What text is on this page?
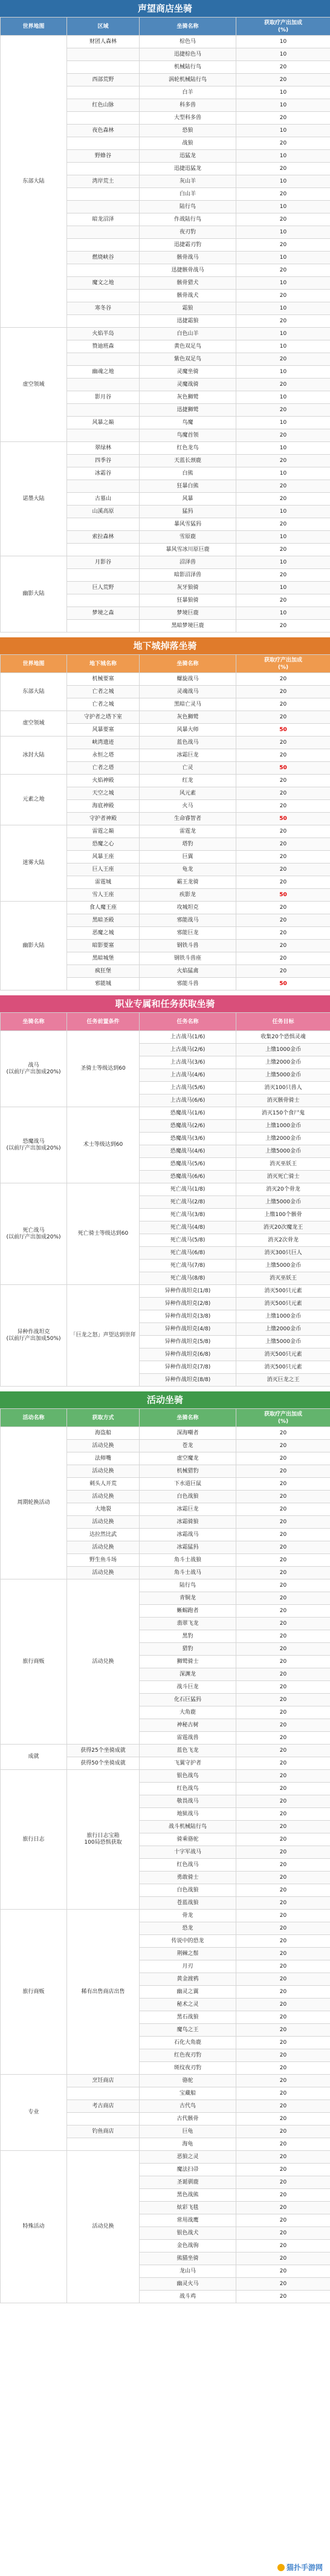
声望商店坐骑
世界地图	区域	坐骑名称	获取疗产出加成
(%)
东部大陆	财团人森林	棕色马	10
		迅捷棕色马	10
		机械陆行鸟	20
	西部荒野	涡轮机械陆行鸟	20
		白羊	10
	红色山脉	科多兽	10
		大型科多兽	20
	夜色森林	恐狼	10
		战狼	20
	野蜂谷	迅猛龙	10
		迅捷迅猛龙	20
	湾岸荒土	灰山羊	10
		白山羊	20
		陆行鸟	10
	暗龙沼泽	作战陆行鸟	20
		夜刃豹	10
		迅捷霜刃豹	20
	燃烧峡谷	骸骨战马	10
		迅捷骸骨战马	20
	魔文之地	骸骨猎犬	10
		骸骨战犬	20
	寒冬谷	霜狼	10
		迅捷霜狼	20
虚空领域	火焰半岛	白色山羊	10
	赞迪班森	黄色双足鸟	10
		紫色双足鸟	20
	幽魂之地	灵魔坐骑	10
		灵魔战骑	20
	影月谷	灰色狮鹫	10
		迅捷狮鹫	20
	风暴之巅	鸟魔	10
		鸟魔首领	20
诺墨大陆	翠绿林	红色龙鸟	10
	四季谷	天蓝长颈鹿	20
	冰霜谷	白熊	10
		狂暴白熊	20
	古墓山	风暴	20
	山溪高原	猛犸	10
		暴风雪猛犸	20
	索拉森林	雪原鹿	10
		暴风雪冰川原巨鹿	20
幽影大陆	月影谷	沼泽兽	10
		暗影沼泽兽	20
	巨人荒野	灰牙狼骑	10
		狂暴狼骑	20
	梦境之森	梦境巨鹿	10
		黑暗梦境巨鹿	20
地下城掉落坐骑
世界地图	地下城名称	坐骑名称	获取疗产出加成
(%)
东部大陆	机械要塞	螺旋战马	20
	亡者之城	灵魂战马	20
	亡者之城	黑暗亡灵马	20
虚空领域	守护者之塔下室	灰色狮鹫	20
	风暴要塞	风暴大师	50
冰封大陆	峡湾遗迹	蓝色战马	20
	永恒之塔	冰霜巨龙	20
	亡者之塔	亡灵	50
元素之地	火焰神殿	红龙	20
	天空之城	风元素	20
	海底神殿	火马	20
	守护者神殿	生命睿智者	50
迷雾大陆	雷霆之巅	雷霆龙	20
	恐魔之心	塔豹	20
	风暴王座	巨翼	20
	巨人王座	龟龙	20
	雷霆城	霸王龙骑	20
	雪人王座	疾影龙	50
幽影大陆	食人魔王座	攻城坦克	20
	黑暗圣殿	邪能战马	20
	恶魔之城	邪能巨龙	20
	暗影要塞	钢铁斗兽	20
	黑暗城堡	钢铁斗兽座	20
	疯狂堡	火焰猛禽	20
	邪能城	邪能斗兽	50
职业专属和任务获取坐骑
坐骑名称	任务前置条件	任务名称	任务目标
战马
(以前厅产出加成20%)	圣骑士等级达到60	上古战马(1/6)	收集20个恐惧灵魂
		上古战马(2/6)	上缴1000金币
		上古战马(3/6)	上缴2000金币
		上古战马(4/6)	上缴5000金币
		上古战马(5/6)	消灭100只兽人
		上古战马(6/6)	消灭骸骨骑士
恐魔战马
(以前厅产出加成20%)	术士等级达到60	恐魔战马(1/6)	消灭150个食尸鬼
		恐魔战马(2/6)	上缴1000金币
		恐魔战马(3/6)	上缴2000金币
		恐魔战马(4/6)	上缴5000金币
		恐魔战马(5/6)	消灭巫妖王
		恐魔战马(6/6)	消灭死亡骑士
死亡战马
(以前厅产出加成20%)	死亡骑士等级达到60	死亡战马(1/8)	消灭20个骨龙
		死亡战马(2/8)	上缴5000金币
		死亡战马(3/8)	上缴100个骸骨
		死亡战马(4/8)	消灭20次魔龙王
		死亡战马(5/8)	消灭2次骨龙
		死亡战马(6/8)	消灭300只巨人
		死亡战马(7/8)	上缴5000金币
		死亡战马(8/8)	消灭巫妖王
异种作战坦克
(以前厅产出加成50%)	「巨龙之怒」声望达到崇拜	异种作战坦克(1/8)	消灭500只元素
		异种作战坦克(2/8)	消灭500只元素
		异种作战坦克(3/8)	上缴1000金币
		异种作战坦克(4/8)	上缴2000金币
		异种作战坦克(5/8)	上缴5000金币
		异种作战坦克(6/8)	消灭500只元素
		异种作战坦克(7/8)	消灭500只元素
		异种作战坦克(8/8)	消灭巨龙之王
活动坐骑
活动名称	获取方式	坐骑名称	获取疗产出加成
(%)
周期轮换活动	海盗船	深海嘲者	20
	活动兑换	苍龙	20
	法师嘴	虚空魔龙	20
	活动兑换	机械猎豹	20
	刺头人开荒	下水道巨鼠	20
	活动兑换	白色战狼	20
	大地裂	冰霜巨龙	20
	活动兑换	冰霜骑狼	20
	达拉然比武	冰霜战马	20
	活动兑换	冰霜猛犸	20
	野生鱼斗场	角斗士战狼	20
	活动兑换	角斗士战马	20
旅行商贩	活动兑换	陆行鸟	20
		青铜龙	20
		蜥蜴跑者	20
		翡翠飞龙	20
		黑豹	20
		猎豹	20
		狮鹫骑士	20
		深渊龙	20
		战斗巨龙	20
		化石巨猛犸	20
		大角鹿	20
		神秘古树	20
		雷霆战兽	20
成就	获得25个坐骑成就	蓝色飞龙	20
	获得50个坐骑成就	飞翼守护者	20
旅行日志	旅行日志宝箱
100局恐惧获取	银色战鸟	20
		红色战鸟	20
		敬畏战马	20
		地狱战马	20
		战斗机械陆行鸟	20
		骑乘骆驼	20
		十字军战马	20
		红色战马	20
		勇敢骑士	20
		白色战狼	20
		苍蓝战狼	20
旅行商贩	稀有出售商店出售	骨龙	20
		恐龙	20
		传说中的恐龙	20
		荆棘之鬃	20
		月刃	20
		黄金渡鸦	20
		幽灵之翼	20
		秘术之灵	20
		黑石战狼	20
		魔鸟之王	20
		石化大角鹿	20
		红色夜刃豹	20
		斑纹夜刃豹	20
专业	烹饪商店	骆驼	20
		宝藏船	20
	考古商店	古代鸟	20
		古代骸骨	20
	钓鱼商店	巨龟	20
		海龟	20
特殊活动	活动兑换	恶狼之灵	20
		魔法扫帚	20
		圣诞驯鹿	20
		黑色战熊	20
		炫彩飞毯	20
		常用战鹰	20
		银色战犬	20
		金色战驹	20
		熊猫坐骑	20
		龙山马	20
		幽灵火马	20
		战斗鸡	20
猫扑手游网
